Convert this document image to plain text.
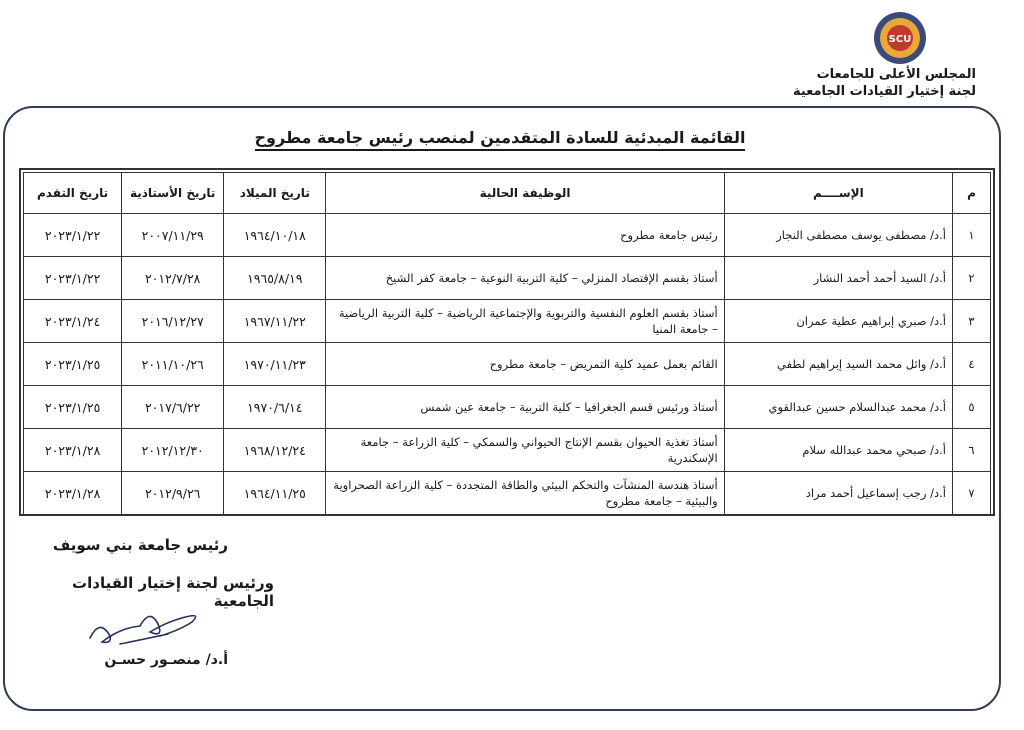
SCU
المجلس الأعلى للجامعات
لجنة إختيار القيادات الجامعية
القائمة المبدئية للسادة المتقدمين لمنصب رئيس جامعة مطروح
م	الإســــم	الوظيفة الحالية	تاريخ الميلاد	تاريخ الأستاذية	تاريخ التقدم
١	أ.د/ مصطفى يوسف مصطفى النجار	رئيس جامعة مطروح	١٩٦٤/١٠/١٨	٢٠٠٧/١١/٢٩	٢٠٢٣/١/٢٢
٢	أ.د/ السيد أحمد أحمد النشار	أستاذ بقسم الإقتصاد المنزلي – كلية التربية النوعية – جامعة كفر الشيخ	١٩٦٥/٨/١٩	٢٠١٢/٧/٢٨	٢٠٢٣/١/٢٢
٣	أ.د/ صبري إبراهيم عطية عمران	أستاذ بقسم العلوم النفسية والتربوية والإجتماعية الرياضية – كلية التربية الرياضية – جامعة المنيا	١٩٦٧/١١/٢٢	٢٠١٦/١٢/٢٧	٢٠٢٣/١/٢٤
٤	أ.د/ وائل محمد السيد إبراهيم لطفي	القائم بعمل عميد كلية التمريض – جامعة مطروح	١٩٧٠/١١/٢٣	٢٠١١/١٠/٢٦	٢٠٢٣/١/٢٥
٥	أ.د/ محمد عبدالسلام حسين عبدالقوي	أستاذ ورئيس قسم الجغرافيا – كلية التربية – جامعة عين شمس	١٩٧٠/٦/١٤	٢٠١٧/٦/٢٢	٢٠٢٣/١/٢٥
٦	أ.د/ صبحي محمد عبدالله سلام	أستاذ تغذية الحيوان بقسم الإنتاج الحيواني والسمكي – كلية الزراعة – جامعة الإسكندرية	١٩٦٨/١٢/٢٤	٢٠١٢/١٢/٣٠	٢٠٢٣/١/٢٨
٧	أ.د/ رجب إسماعيل أحمد مراد	أستاذ هندسة المنشآت والتحكم البيئي والطاقة المتجددة – كلية الزراعة الصحراوية والبيئية – جامعة مطروح	١٩٦٤/١١/٢٥	٢٠١٢/٩/٢٦	٢٠٢٣/١/٢٨
رئيس جامعة بني سويف
ورئيس لجنة إختيار القيادات الجامعية
أ.د/ منصـور حسـن
